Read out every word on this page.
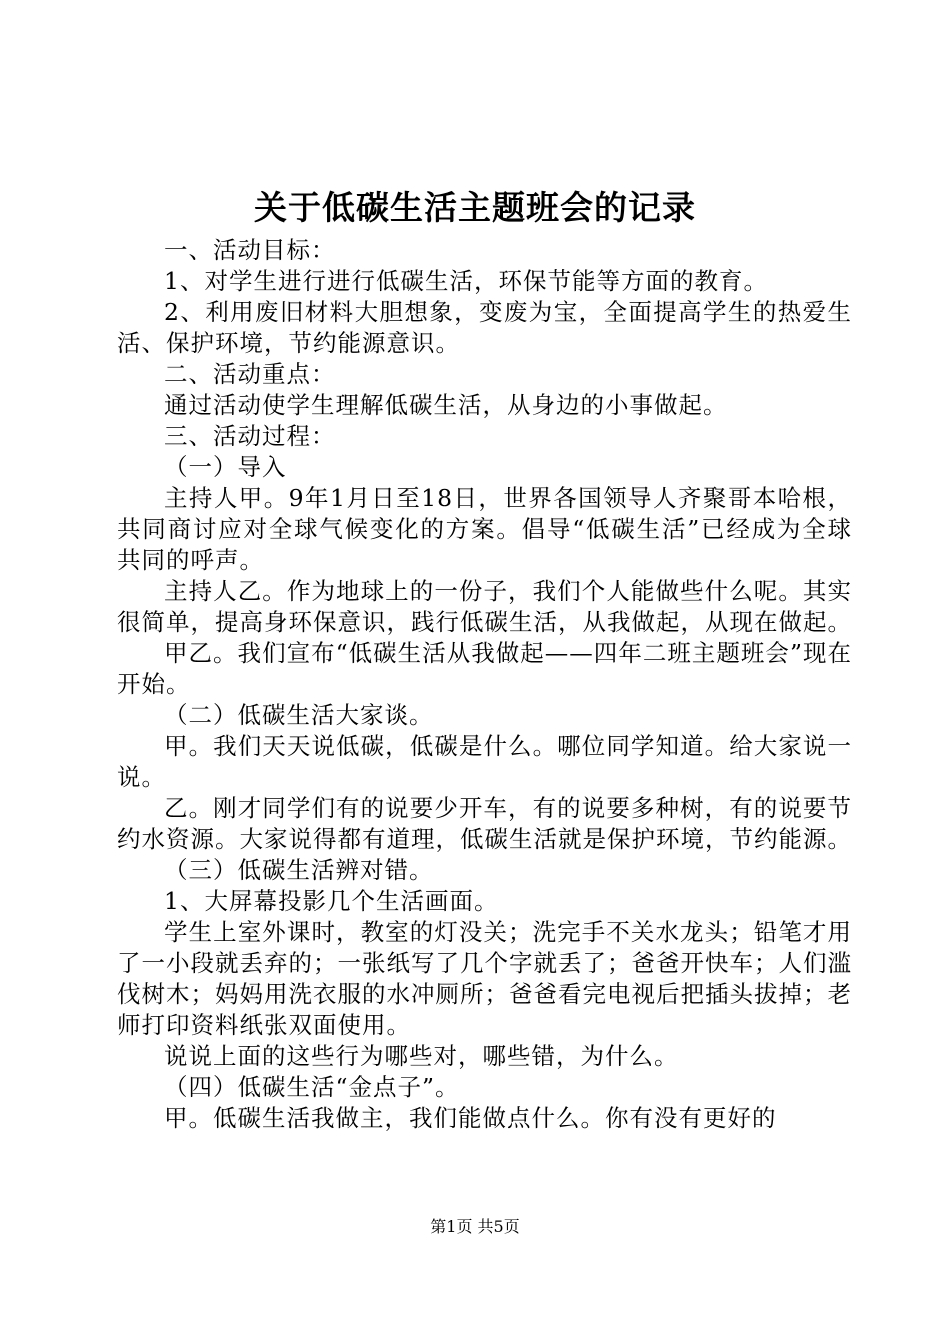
关于低碳生活主题班会的记录

一、活动目标：

1、对学生进行进行低碳生活，环保节能等方面的教育。

2、利用废旧材料大胆想象，变废为宝，全面提高学生的热爱生活、保护环境，节约能源意识。

二、活动重点：

通过活动使学生理解低碳生活，从身边的小事做起。

三、活动过程：

（一）导入

主持人甲。9年1月日至18日，世界各国领导人齐聚哥本哈根，共同商讨应对全球气候变化的方案。倡导“低碳生活”已经成为全球共同的呼声。

主持人乙。作为地球上的一份子，我们个人能做些什么呢。其实很简单，提高身环保意识，践行低碳生活，从我做起，从现在做起。

甲乙。我们宣布“低碳生活从我做起——四年二班主题班会”现在开始。

（二）低碳生活大家谈。

甲。我们天天说低碳，低碳是什么。哪位同学知道。给大家说一说。

乙。刚才同学们有的说要少开车，有的说要多种树，有的说要节约水资源。大家说得都有道理，低碳生活就是保护环境，节约能源。

（三）低碳生活辨对错。

1、大屏幕投影几个生活画面。

学生上室外课时，教室的灯没关；洗完手不关水龙头；铅笔才用了一小段就丢弃的；一张纸写了几个字就丢了；爸爸开快车；人们滥伐树木；妈妈用洗衣服的水冲厕所；爸爸看完电视后把插头拔掉；老师打印资料纸张双面使用。

说说上面的这些行为哪些对，哪些错，为什么。

（四）低碳生活“金点子”。

甲。低碳生活我做主，我们能做点什么。你有没有更好的

第1页 共5页
